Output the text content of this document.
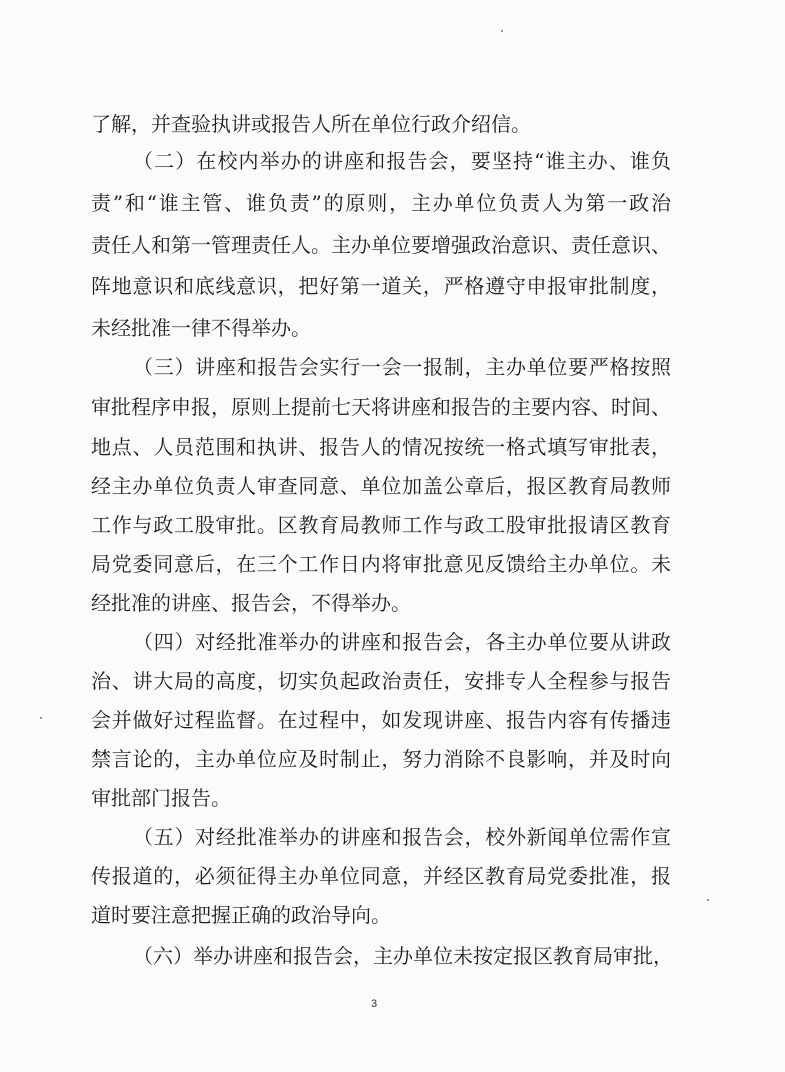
了解，并查验执讲或报告人所在单位行政介绍信。
（二）在校内举办的讲座和报告会，要坚持“谁主办、谁负
责”和“谁主管、谁负责”的原则，主办单位负责人为第一政治
责任人和第一管理责任人。主办单位要增强政治意识、责任意识、
阵地意识和底线意识，把好第一道关，严格遵守申报审批制度，
未经批准一律不得举办。
（三）讲座和报告会实行一会一报制，主办单位要严格按照
审批程序申报，原则上提前七天将讲座和报告的主要内容、时间、
地点、人员范围和执讲、报告人的情况按统一格式填写审批表，
经主办单位负责人审查同意、单位加盖公章后，报区教育局教师
工作与政工股审批。区教育局教师工作与政工股审批报请区教育
局党委同意后，在三个工作日内将审批意见反馈给主办单位。未
经批准的讲座、报告会，不得举办。
（四）对经批准举办的讲座和报告会，各主办单位要从讲政
治、讲大局的高度，切实负起政治责任，安排专人全程参与报告
会并做好过程监督。在过程中，如发现讲座、报告内容有传播违
禁言论的，主办单位应及时制止，努力消除不良影响，并及时向
审批部门报告。
（五）对经批准举办的讲座和报告会，校外新闻单位需作宣
传报道的，必须征得主办单位同意，并经区教育局党委批准，报
道时要注意把握正确的政治导向。
（六）举办讲座和报告会，主办单位未按定报区教育局审批，
3
